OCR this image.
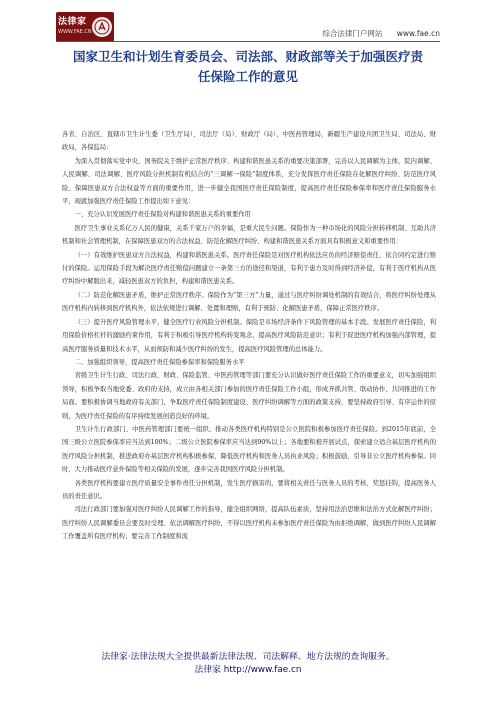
法律家
WWW.FAE.CN	综合法律门户网站 www.fae.cn
国家卫生和计划生育委员会、司法部、财政部等关于加强医疗责
任保险工作的意见

各省、自治区、直辖市卫生计生委（卫生厅局）、司法厅（局）、财政厅（局）、中医药管理局，新疆生产建设兵团卫生局、司法局、财政局，各保监局：

为深入贯彻落实党中央、国务院关于维护正常医疗秩序、构建和谐医患关系的重要决策部署，完善以人民调解为主体，院内调解、人民调解、司法调解、医疗风险分担机制有机结合的“三调解一保险”制度体系，充分发挥医疗责任保险在化解医疗纠纷、防范医疗风险、保障医患双方合法权益等方面的重要作用，进一步健全我国医疗责任保险制度，提高医疗责任保险参保率和医疗责任保险服务水平，现就加强医疗责任保险工作提出如下意见：

一、充分认识发展医疗责任保险对构建和谐医患关系的重要作用

医疗卫生事业关系亿万人民的健康，关系千家万户的幸福，是重大民生问题。保险作为一种市场化的风险分担转移机制、互助共济机制和社会管理机制，在保障医患双方的合法权益、防范化解医疗纠纷、构建和谐医患关系方面具有积极意义和重要作用：

（一）有效维护医患双方合法权益，构建和谐医患关系。医疗责任保险是对医疗机构依法应负的经济赔偿责任，依合同约定进行赔付的保险。运用保险手段为解决医疗责任赔偿问题建立一条第三方的途径和渠道，有利于患方及时得到经济补偿，有利于医疗机构从医疗纠纷中解脱出来，减轻医患双方的负担，构建和谐医患关系。

（二）防范化解医患矛盾，维护正常医疗秩序。保险作为“第三方”力量，通过与医疗纠纷调处机制的有效结合，将医疗纠纷处理从医疗机构内转移到医疗机构外，依法依规进行调解、处置和理赔，有利于预防、化解医患矛盾，保障正常医疗秩序。

（三）提升医疗风险管理水平，健全医疗行业风险分担机制。保险是市场经济条件下风险管理的基本手段。发展医疗责任保险，利用保险价格杠杆的激励约束作用，有利于积极引导医疗机构转变观念，提高医疗风险防范意识；有利于促进医疗机构加强内部管理，提高医疗服务质量和技术水平，从而预防和减少医疗纠纷的发生，提高医疗风险管理的总体能力。

二、加强组织领导，提高医疗责任保险参保率和保险服务水平

省级卫生计生行政、司法行政、财政、保险监管、中医药管理等部门要充分认识做好医疗责任保险工作的重要意义，切实加强组织领导，积极争取当地党委、政府的支持，成立由各相关部门参加的医疗责任保险工作小组，形成齐抓共管、联动协作、共同推进的工作局面。要积极协调当地政府有关部门，争取医疗责任保险制度建设、医疗纠纷调解等方面的政策支持，要坚持政府引导、有序运作的原则，为医疗责任保险的有序持续发展创造良好的环境。

卫生计生行政部门、中医药管理部门要统一组织、推动各类医疗机构特别是公立医院积极参加医疗责任保险。到2015年底前，全国三级公立医院参保率应当达到100%；二级公立医院参保率应当达到90%以上；各地要积极开展试点，探索建立适合基层医疗机构的医疗风险分担机制，推进政府办基层医疗机构积极参保，降低医疗机构和医务人员执业风险；积极鼓励、引导非公立医疗机构参保。同时，大力推动医疗意外保险等相关保险的发展，逐步完善我国医疗风险分担机制。

各类医疗机构要建立医疗质量安全事件责任分担机制，发生医疗损害的，要将相关责任与医务人员的考核、奖惩挂钩，提高医务人员的责任意识。

司法行政部门要加强对医疗纠纷人民调解工作的指导，健全组织网络，提高队伍素质，坚持用法治思维和法治方式化解医疗纠纷；医疗纠纷人民调解委员会要及时受理、依法调解医疗纠纷，不得以医疗机构未参加医疗责任保险为由拒绝调解，做到医疗纠纷人民调解工作覆盖所有医疗机构；要完善工作制度和流

法律家·法律法规大全提供最新法律法规、司法解释、地方法规的查询服务。
法律家 http://www.fae.cn
